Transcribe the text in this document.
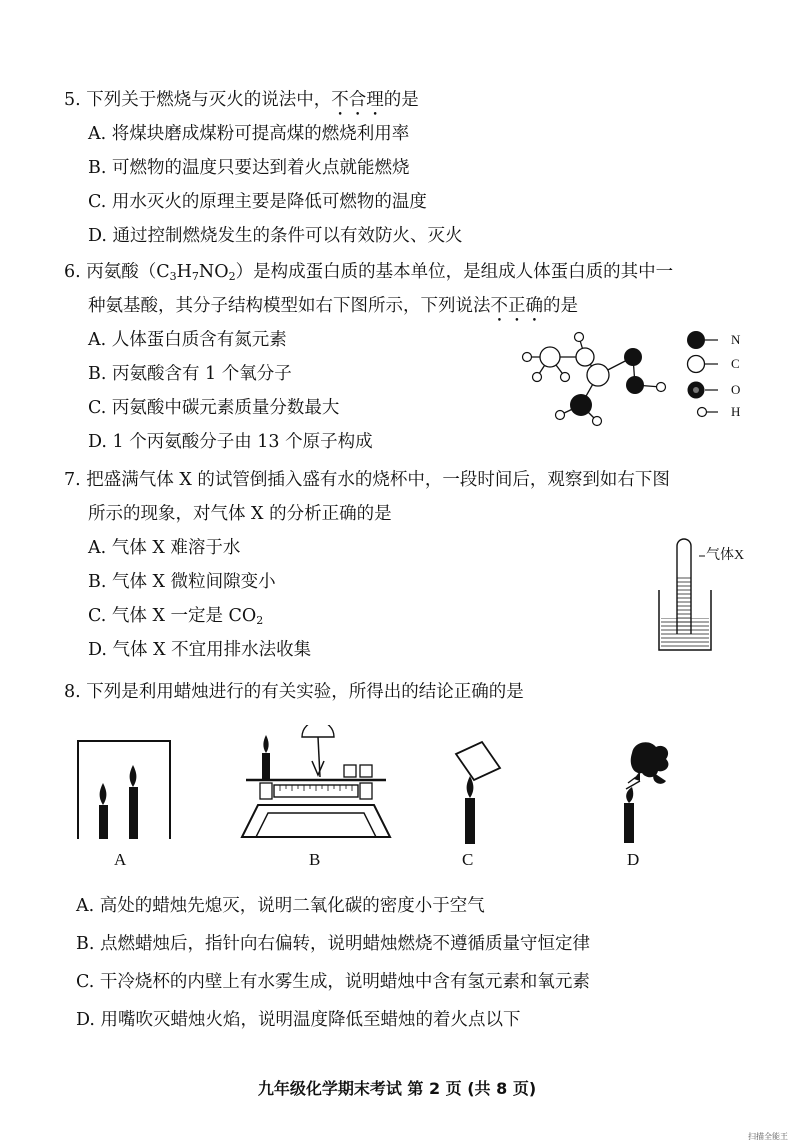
5. 下列关于燃烧与灭火的说法中，不合理的是
A. 将煤块磨成煤粉可提高煤的燃烧利用率
B. 可燃物的温度只要达到着火点就能燃烧
C. 用水灭火的原理主要是降低可燃物的温度
D. 通过控制燃烧发生的条件可以有效防火、灭火
6. 丙氨酸$(C_3H_7NO_2)$是构成蛋白质的基本单位，是组成人体蛋白质的其中一
种氨基酸，其分子结构模型如右下图所示，下列说法不正确的是
A. 人体蛋白质含有氮元素
B. 丙氨酸含有 1 个氧分子
C. 丙氨酸中碳元素质量分数最大
D. 1 个丙氨酸分子由 13 个原子构成
N
C
O
H
7. 把盛满气体 X 的试管倒插入盛有水的烧杯中，一段时间后，观察到如右下图
所示的现象，对气体 X 的分析正确的是
A. 气体 X 难溶于水
B. 气体 X 微粒间隙变小
C. 气体 X 一定是 $CO_2$
D. 气体 X 不宜用排水法收集
气体X
8. 下列是利用蜡烛进行的有关实验，所得出的结论正确的是
A	B	C	D
A. 高处的蜡烛先熄灭，说明二氧化碳的密度小于空气
B. 点燃蜡烛后，指针向右偏转，说明蜡烛燃烧不遵循质量守恒定律
C. 干冷烧杯的内壁上有水雾生成，说明蜡烛中含有氢元素和氧元素
D. 用嘴吹灭蜡烛火焰，说明温度降低至蜡烛的着火点以下
九年级化学期末考试 第 2 页 (共 8 页)
扫描全能王
